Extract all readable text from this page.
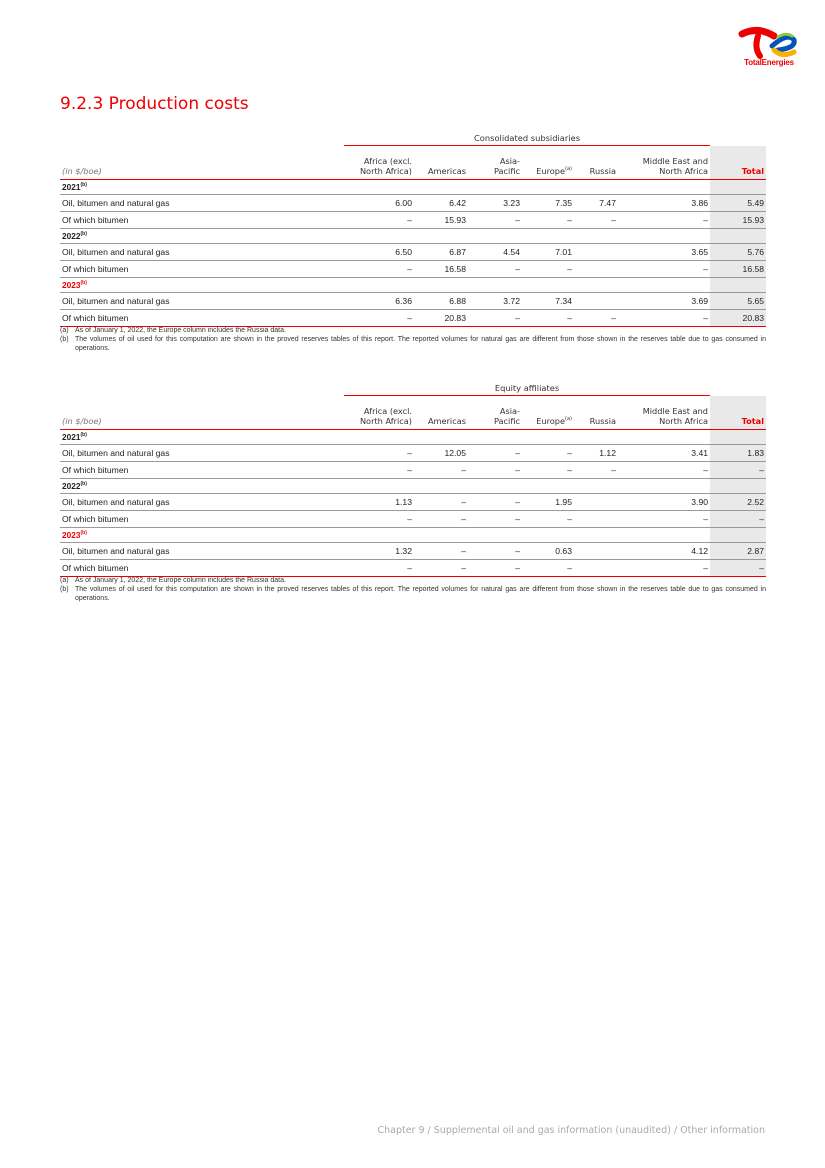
TotalEnergies
9.2.3 Production costs
	Consolidated subsidiaries						
(in $/boe)	Africa (excl.
North Africa)	Americas	Asia-
Pacific	Europe$^{(a)}$	Russia	Middle East and
North Africa	Total
2021$^{(b)}$	
Oil, bitumen and natural gas	6.00	6.42	3.23	7.35	7.47	3.86	5.49
Of which bitumen	–	15.93	–	–	–	–	15.93
2022$^{(b)}$	
Oil, bitumen and natural gas	6.50	6.87	4.54	7.01		3.65	5.76
Of which bitumen	–	16.58	–	–		–	16.58
2023$^{(b)}$	
Oil, bitumen and natural gas	6.36	6.88	3.72	7.34		3.69	5.65
Of which bitumen	–	20.83	–	–	–	–	20.83
(a) As of January 1, 2022, the Europe column includes the Russia data.
(b) The volumes of oil used for this computation are shown in the proved reserves tables of this report. The reported volumes for natural gas are different from those shown in the reserves table due to gas consumed in operations.
	Equity affiliates						
(in $/boe)	Africa (excl.
North Africa)	Americas	Asia-
Pacific	Europe$^{(a)}$	Russia	Middle East and
North Africa	Total
2021$^{(b)}$	
Oil, bitumen and natural gas	–	12.05	–	–	1.12	3.41	1.83
Of which bitumen	–	–	–	–	–	–	–
2022$^{(b)}$	
Oil, bitumen and natural gas	1.13	–	–	1.95		3.90	2.52
Of which bitumen	–	–	–	–		–	–
2023$^{(b)}$	
Oil, bitumen and natural gas	1.32	–	–	0.63		4.12	2.87
Of which bitumen	–	–	–	–		–	–
(a) As of January 1, 2022, the Europe column includes the Russia data.
(b) The volumes of oil used for this computation are shown in the proved reserves tables of this report. The reported volumes for natural gas are different from those shown in the reserves table due to gas consumed in operations.
Chapter 9 / Supplemental oil and gas information (unaudited) / Other information
